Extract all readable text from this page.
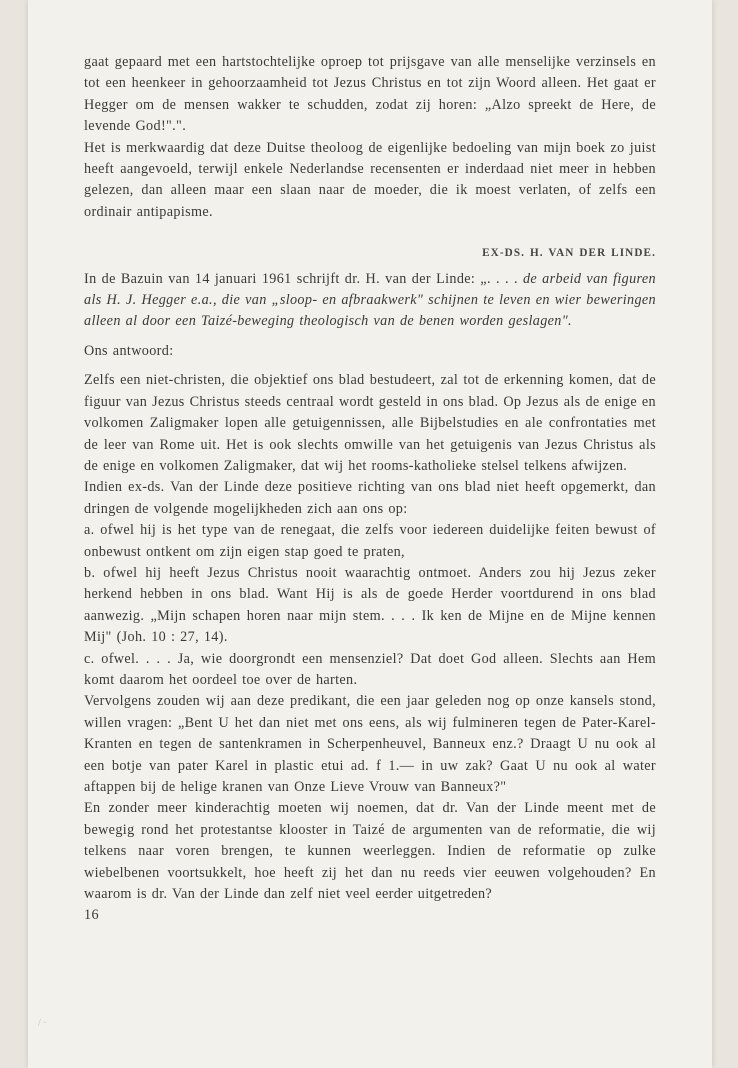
/ ·

gaat gepaard met een hartstochtelijke oproep tot prijsgave van alle menselijke verzinsels en tot een heenkeer in gehoorzaamheid tot Jezus Christus en tot zijn Woord alleen. Het gaat er Hegger om de mensen wakker te schudden, zodat zij horen: „Alzo spreekt de Here, de levende God!".".

Het is merkwaardig dat deze Duitse theoloog de eigenlijke bedoeling van mijn boek zo juist heeft aangevoeld, terwijl enkele Nederlandse recensenten er inderdaad niet meer in hebben gelezen, dan alleen maar een slaan naar de moeder, die ik moest verlaten, of zelfs een ordinair antipapisme.

EX-DS. H. VAN DER LINDE.

In de Bazuin van 14 januari 1961 schrijft dr. H. van der Linde: „. . . . de arbeid van figuren als H. J. Hegger e.a., die van „sloop- en afbraakwerk" schijnen te leven en wier beweringen alleen al door een Taizé-beweging theologisch van de benen worden geslagen".

Ons antwoord:

Zelfs een niet-christen, die objektief ons blad bestudeert, zal tot de erkenning komen, dat de figuur van Jezus Christus steeds centraal wordt gesteld in ons blad. Op Jezus als de enige en volkomen Zaligmaker lopen alle getuigennissen, alle Bijbelstudies en ale confrontaties met de leer van Rome uit. Het is ook slechts omwille van het getuigenis van Jezus Christus als de enige en volkomen Zaligmaker, dat wij het rooms-katholieke stelsel telkens afwijzen.

Indien ex-ds. Van der Linde deze positieve richting van ons blad niet heeft opgemerkt, dan dringen de volgende mogelijkheden zich aan ons op:

a. ofwel hij is het type van de renegaat, die zelfs voor iedereen duidelijke feiten bewust of onbewust ontkent om zijn eigen stap goed te praten,

b. ofwel hij heeft Jezus Christus nooit waarachtig ontmoet. Anders zou hij Jezus zeker herkend hebben in ons blad. Want Hij is als de goede Herder voortdurend in ons blad aanwezig. „Mijn schapen horen naar mijn stem. . . . Ik ken de Mijne en de Mijne kennen Mij" (Joh. 10 : 27, 14).

c. ofwel. . . . Ja, wie doorgrondt een mensenziel? Dat doet God alleen. Slechts aan Hem komt daarom het oordeel toe over de harten.

Vervolgens zouden wij aan deze predikant, die een jaar geleden nog op onze kansels stond, willen vragen: „Bent U het dan niet met ons eens, als wij fulmineren tegen de Pater-Karel-Kranten en tegen de santenkramen in Scherpenheuvel, Banneux enz.? Draagt U nu ook al een botje van pater Karel in plastic etui ad. f 1.— in uw zak? Gaat U nu ook al water aftappen bij de helige kranen van Onze Lieve Vrouw van Banneux?"

En zonder meer kinderachtig moeten wij noemen, dat dr. Van der Linde meent met de bewegig rond het protestantse klooster in Taizé de argumenten van de reformatie, die wij telkens naar voren brengen, te kunnen weerleggen. Indien de reformatie op zulke wiebelbenen voortsukkelt, hoe heeft zij het dan nu reeds vier eeuwen volgehouden? En waarom is dr. Van der Linde dan zelf niet veel eerder uitgetreden?

16
